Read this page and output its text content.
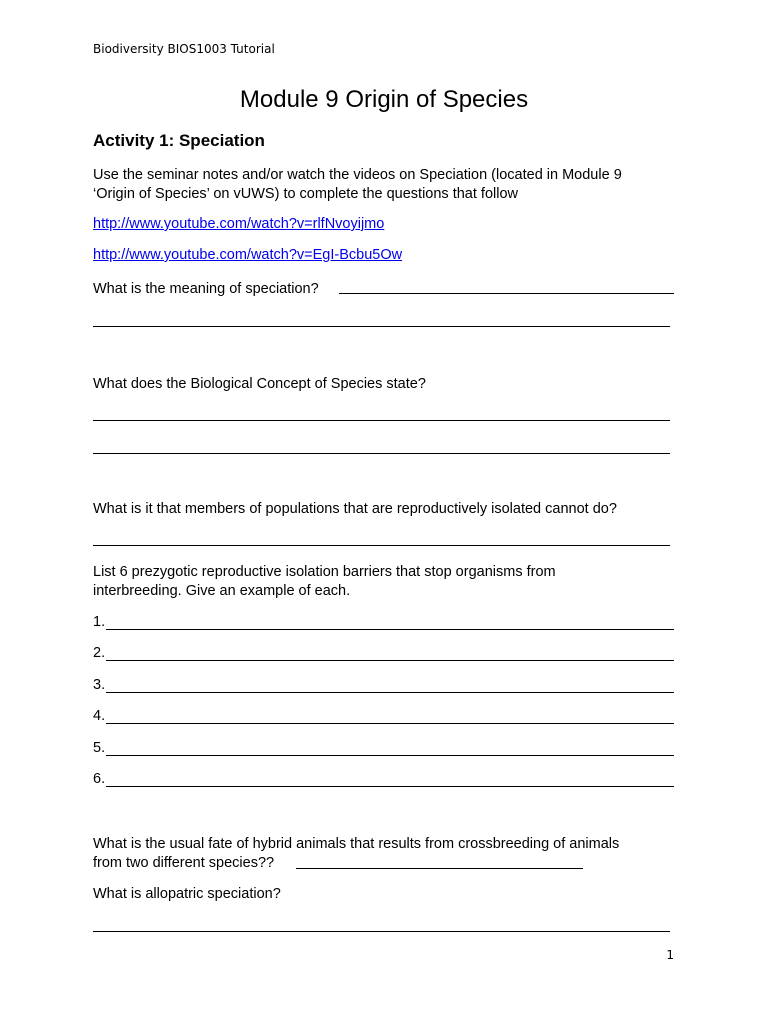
Biodiversity BIOS1003 Tutorial
Module 9 Origin of Species
Activity 1: Speciation
Use the seminar notes and/or watch the videos on Speciation (located in Module 9
‘Origin of Species’ on vUWS) to complete the questions that follow
http://www.youtube.com/watch?v=rlfNvoyijmo
http://www.youtube.com/watch?v=EgI-Bcbu5Ow
What is the meaning of speciation?
What does the Biological Concept of Species state?
What is it that members of populations that are reproductively isolated cannot do?
List 6 prezygotic reproductive isolation barriers that stop organisms from
interbreeding. Give an example of each.
1.
2.
3.
4.
5.
6.
What is the usual fate of hybrid animals that results from crossbreeding of animals
from two different species??
What is allopatric speciation?
1
